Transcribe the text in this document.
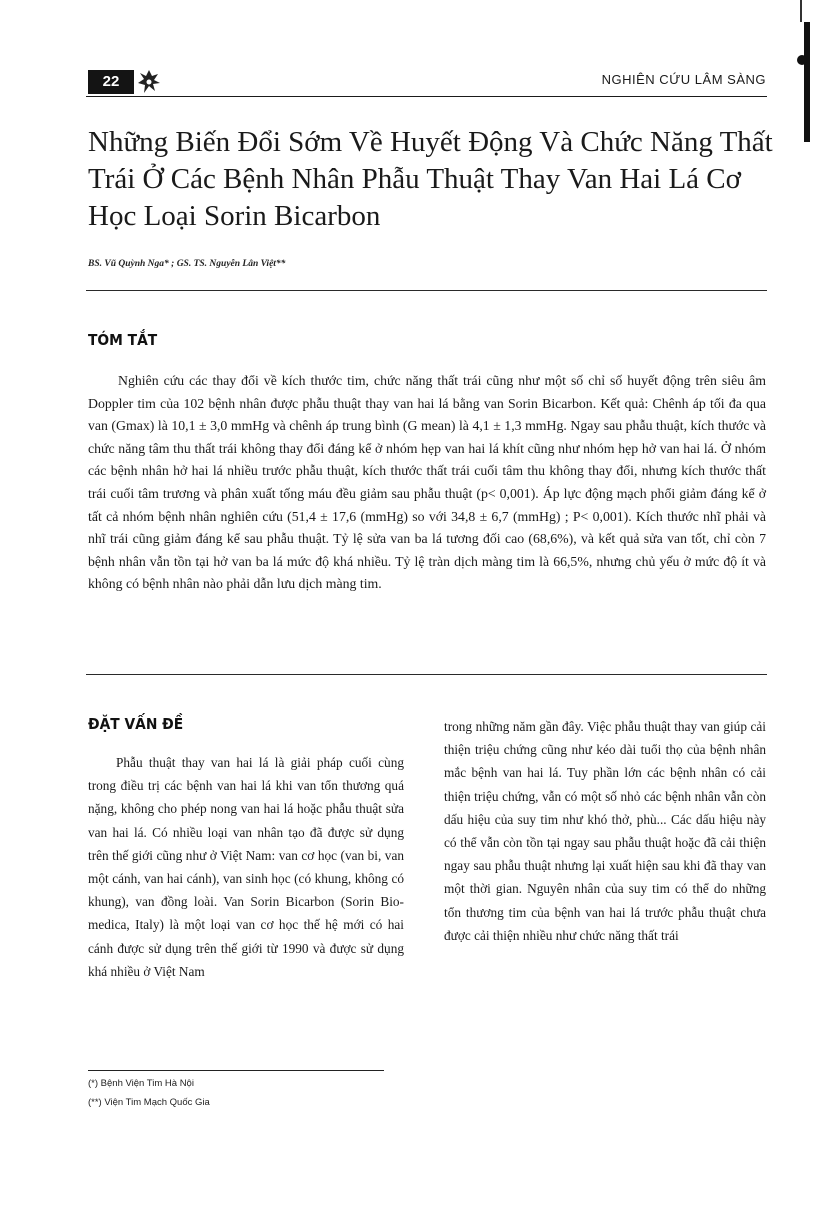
22	NGHIÊN CỨU LÂM SÀNG
Những Biến Đổi Sớm Về Huyết Động Và Chức Năng Thất Trái Ở Các Bệnh Nhân Phẫu Thuật Thay Van Hai Lá Cơ Học Loại Sorin Bicarbon
BS. Vũ Quỳnh Nga* ; GS. TS. Nguyễn Lân Việt**
TÓM TẮT

Nghiên cứu các thay đổi về kích thước tim, chức năng thất trái cũng như một số chỉ số huyết động trên siêu âm Doppler tim của 102 bệnh nhân được phẫu thuật thay van hai lá bằng van Sorin Bicarbon. Kết quả: Chênh áp tối đa qua van (Gmax) là 10,1 ± 3,0 mmHg và chênh áp trung bình (G mean) là 4,1 ± 1,3 mmHg. Ngay sau phẫu thuật, kích thước và chức năng tâm thu thất trái không thay đổi đáng kể ở nhóm hẹp van hai lá khít cũng như nhóm hẹp hở van hai lá. Ở nhóm các bệnh nhân hở hai lá nhiều trước phẫu thuật, kích thước thất trái cuối tâm thu không thay đổi, nhưng kích thước thất trái cuối tâm trương và phân xuất tống máu đều giảm sau phẫu thuật (p< 0,001). Áp lực động mạch phổi giảm đáng kể ở tất cả nhóm bệnh nhân nghiên cứu (51,4 ± 17,6 (mmHg) so với 34,8 ± 6,7 (mmHg) ; P< 0,001). Kích thước nhĩ phải và nhĩ trái cũng giảm đáng kể sau phẫu thuật. Tỷ lệ sửa van ba lá tương đối cao (68,6%), và kết quả sửa van tốt, chỉ còn 7 bệnh nhân vẫn tồn tại hở van ba lá mức độ khá nhiều. Tỷ lệ tràn dịch màng tim là 66,5%, nhưng chủ yếu ở mức độ ít và không có bệnh nhân nào phải dẫn lưu dịch màng tim.

ĐẶT VẤN ĐỀ

Phẫu thuật thay van hai lá là giải pháp cuối cùng trong điều trị các bệnh van hai lá khi van tổn thương quá nặng, không cho phép nong van hai lá hoặc phẫu thuật sửa van hai lá. Có nhiều loại van nhân tạo đã được sử dụng trên thế giới cũng như ở Việt Nam: van cơ học (van bi, van một cánh, van hai cánh), van sinh học (có khung, không có khung), van đồng loài. Van Sorin Bicarbon (Sorin Bio-medica, Italy) là một loại van cơ học thế hệ mới có hai cánh được sử dụng trên thế giới từ 1990 và được sử dụng khá nhiều ở Việt Nam

trong những năm gần đây. Việc phẫu thuật thay van giúp cải thiện triệu chứng cũng như kéo dài tuổi thọ của bệnh nhân mắc bệnh van hai lá. Tuy phần lớn các bệnh nhân có cải thiện triệu chứng, vẫn có một số nhỏ các bệnh nhân vẫn còn dấu hiệu của suy tim như khó thở, phù... Các dấu hiệu này có thể vẫn còn tồn tại ngay sau phẫu thuật hoặc đã cải thiện ngay sau phẫu thuật nhưng lại xuất hiện sau khi đã thay van một thời gian. Nguyên nhân của suy tim có thể do những tổn thương tim của bệnh van hai lá trước phẫu thuật chưa được cải thiện nhiều như chức năng thất trái

(*) Bệnh Viện Tim Hà Nội
(**) Viện Tim Mạch Quốc Gia
